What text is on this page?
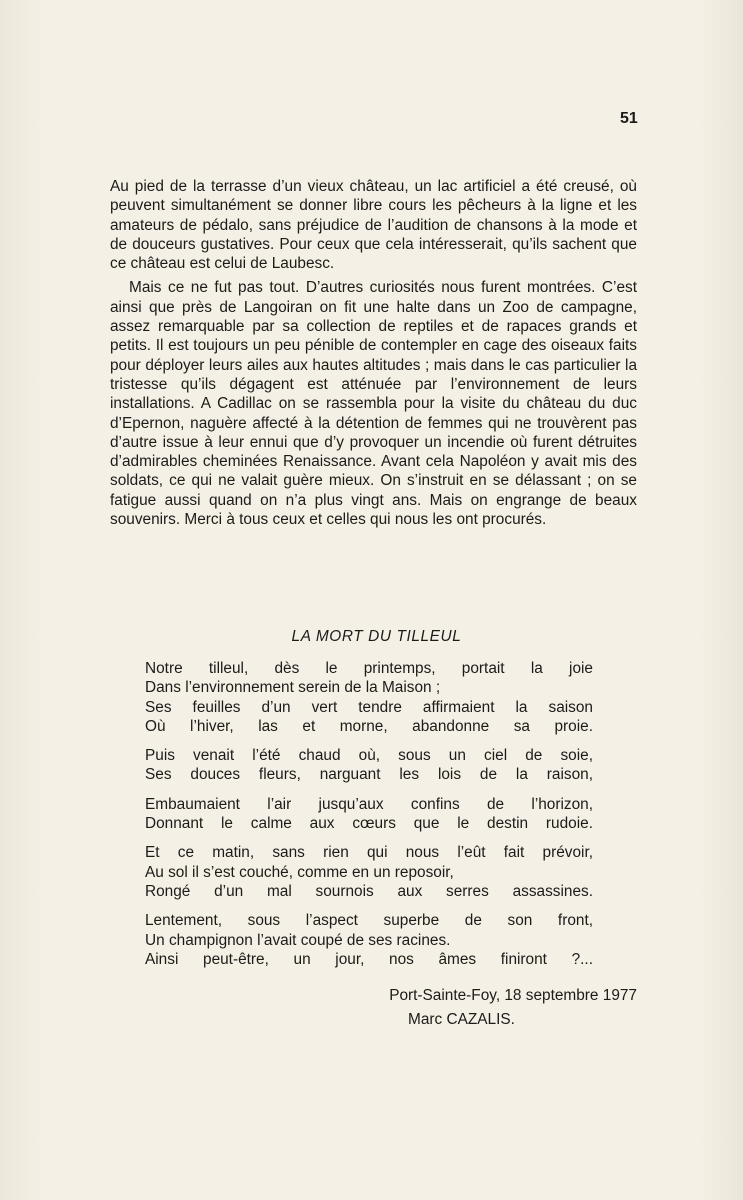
51

Au pied de la terrasse d’un vieux château, un lac artificiel a été creusé, où peuvent simultanément se donner libre cours les pêcheurs à la ligne et les amateurs de pédalo, sans préjudice de l’audition de chansons à la mode et de douceurs gustatives. Pour ceux que cela intéresserait, qu’ils sachent que ce château est celui de Laubesc.

Mais ce ne fut pas tout. D’autres curiosités nous furent montrées. C’est ainsi que près de Langoiran on fit une halte dans un Zoo de campagne, assez remarquable par sa collection de reptiles et de rapaces grands et petits. Il est toujours un peu pénible de contempler en cage des oiseaux faits pour déployer leurs ailes aux hautes altitudes ; mais dans le cas particulier la tristesse qu’ils dégagent est atténuée par l’environnement de leurs installations. A Cadillac on se rassembla pour la visite du château du duc d’Epernon, naguère affecté à la détention de femmes qui ne trouvèrent pas d’autre issue à leur ennui que d’y provoquer un incendie où furent détruites d’admirables cheminées Renaissance. Avant cela Napoléon y avait mis des soldats, ce qui ne valait guère mieux. On s’instruit en se délassant ; on se fatigue aussi quand on n’a plus vingt ans. Mais on engrange de beaux souvenirs. Merci à tous ceux et celles qui nous les ont procurés.

LA MORT DU TILLEUL
Notre tilleul, dès le printemps, portait la joie
Dans l’environnement serein de la Maison ;
Ses feuilles d’un vert tendre affirmaient la saison
Où l’hiver, las et morne, abandonne sa proie.
Puis venait l’été chaud où, sous un ciel de soie,
Ses douces fleurs, narguant les lois de la raison,
Embaumaient l’air jusqu’aux confins de l’horizon,
Donnant le calme aux cœurs que le destin rudoie.
Et ce matin, sans rien qui nous l’eût fait prévoir,
Au sol il s’est couché, comme en un reposoir,
Rongé d’un mal sournois aux serres assassines.
Lentement, sous l’aspect superbe de son front,
Un champignon l’avait coupé de ses racines.
Ainsi peut-être, un jour, nos âmes finiront ?...
Port-Sainte-Foy, 18 septembre 1977
Marc CAZALIS.
